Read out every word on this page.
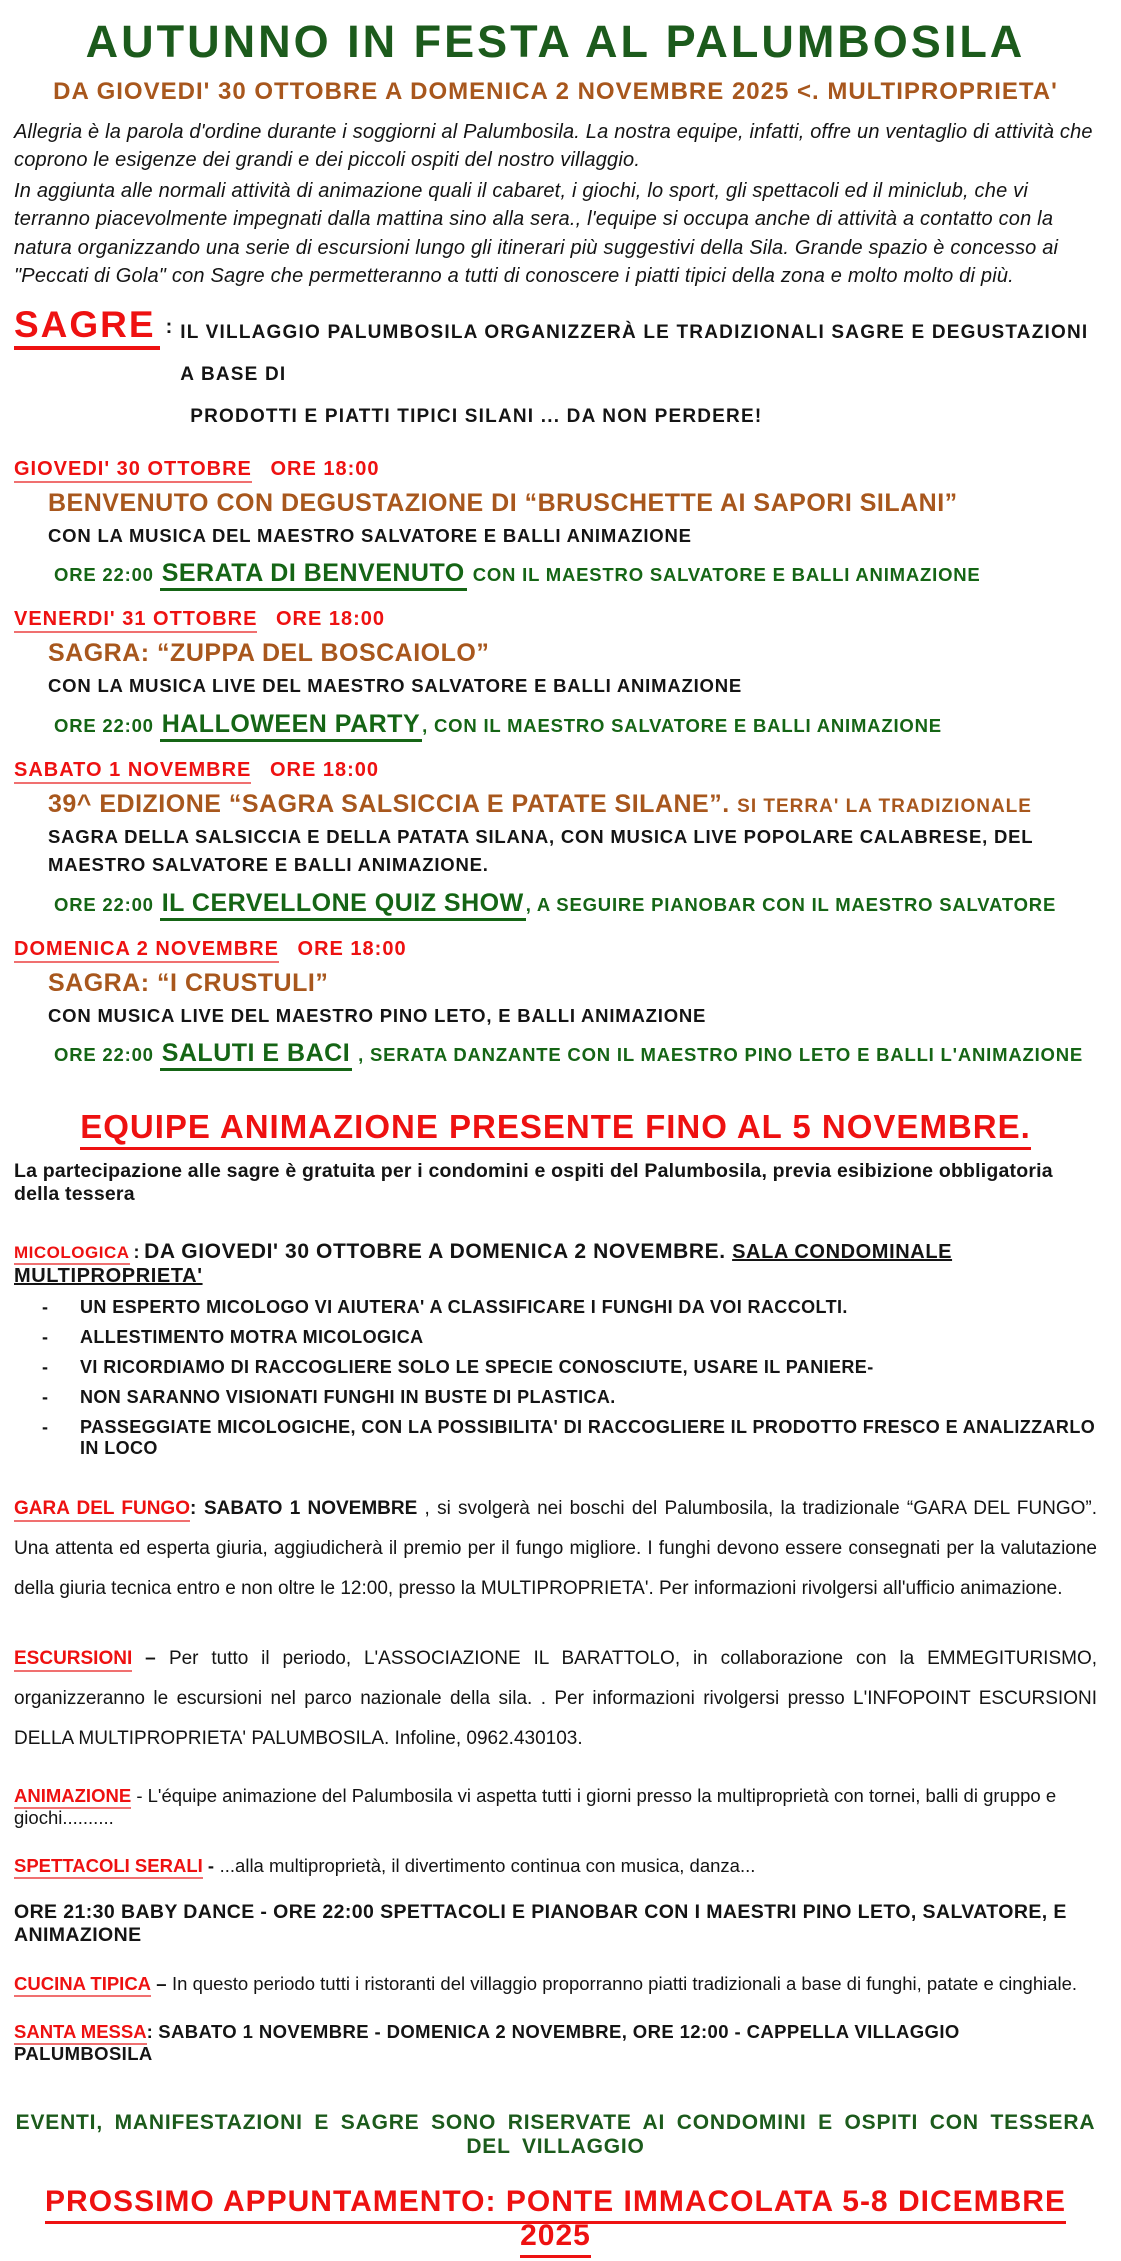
AUTUNNO IN FESTA AL PALUMBOSILA
DA GIOVEDI' 30 OTTOBRE A DOMENICA 2 NOVEMBRE 2025 <. MULTIPROPRIETA'

Allegria è la parola d'ordine durante i soggiorni al Palumbosila. La nostra equipe, infatti, offre un ventaglio di attività che coprono le esigenze dei grandi e dei piccoli ospiti del nostro villaggio.

In aggiunta alle normali attività di animazione quali il cabaret, i giochi, lo sport, gli spettacoli ed il miniclub, che vi terranno piacevolmente impegnati dalla mattina sino alla sera., l'equipe si occupa anche di attività a contatto con la natura organizzando una serie di escursioni lungo gli itinerari più suggestivi della Sila. Grande spazio è concesso ai "Peccati di Gola" con Sagre che permetteranno a tutti di conoscere i piatti tipici della zona e molto molto di più.

SAGRE : IL VILLAGGIO PALUMBOSILA ORGANIZZERÀ LE TRADIZIONALI SAGRE E DEGUSTAZIONI A BASE DI
PRODOTTI E PIATTI TIPICI SILANI ... DA NON PERDERE!
GIOVEDI' 30 OTTOBRE ORE 18:00
BENVENUTO CON DEGUSTAZIONE DI “BRUSCHETTE AI SAPORI SILANI”
CON LA MUSICA DEL MAESTRO SALVATORE E BALLI ANIMAZIONE
ORE 22:00 SERATA DI BENVENUTO CON IL MAESTRO SALVATORE E BALLI ANIMAZIONE
VENERDI' 31 OTTOBRE ORE 18:00
SAGRA: “ZUPPA DEL BOSCAIOLO”
CON LA MUSICA LIVE DEL MAESTRO SALVATORE E BALLI ANIMAZIONE
ORE 22:00 HALLOWEEN PARTY , CON IL MAESTRO SALVATORE E BALLI ANIMAZIONE
SABATO 1 NOVEMBRE ORE 18:00
39^ EDIZIONE “SAGRA SALSICCIA E PATATE SILANE”. SI TERRA' LA TRADIZIONALE
SAGRA DELLA SALSICCIA E DELLA PATATA SILANA, CON MUSICA LIVE POPOLARE CALABRESE, DEL MAESTRO SALVATORE E BALLI ANIMAZIONE.
ORE 22:00 IL CERVELLONE QUIZ SHOW , A SEGUIRE PIANOBAR CON IL MAESTRO SALVATORE
DOMENICA 2 NOVEMBRE ORE 18:00
SAGRA: “I CRUSTULI”
CON MUSICA LIVE DEL MAESTRO PINO LETO, E BALLI ANIMAZIONE
ORE 22:00 SALUTI E BACI , SERATA DANZANTE CON IL MAESTRO PINO LETO E BALLI L'ANIMAZIONE
EQUIPE ANIMAZIONE PRESENTE FINO AL 5 NOVEMBRE.
La partecipazione alle sagre è gratuita per i condomini e ospiti del Palumbosila, previa esibizione obbligatoria della tessera
MICOLOGICA : DA GIOVEDI' 30 OTTOBRE A DOMENICA 2 NOVEMBRE. SALA CONDOMINALE MULTIPROPRIETA'
- UN ESPERTO MICOLOGO VI AIUTERA' A CLASSIFICARE I FUNGHI DA VOI RACCOLTI.
- ALLESTIMENTO MOTRA MICOLOGICA
- VI RICORDIAMO DI RACCOGLIERE SOLO LE SPECIE CONOSCIUTE, USARE IL PANIERE-
- NON SARANNO VISIONATI FUNGHI IN BUSTE DI PLASTICA.
- PASSEGGIATE MICOLOGICHE, CON LA POSSIBILITA' DI RACCOGLIERE IL PRODOTTO FRESCO E ANALIZZARLO IN LOCO

GARA DEL FUNGO: SABATO 1 NOVEMBRE , si svolgerà nei boschi del Palumbosila, la tradizionale “GARA DEL FUNGO”. Una attenta ed esperta giuria, aggiudicherà il premio per il fungo migliore. I funghi devono essere consegnati per la valutazione della giuria tecnica entro e non oltre le 12:00, presso la MULTIPROPRIETA'. Per informazioni rivolgersi all'ufficio animazione.

ESCURSIONI – Per tutto il periodo, L'ASSOCIAZIONE IL BARATTOLO, in collaborazione con la EMMEGITURISMO, organizzeranno le escursioni nel parco nazionale della sila. . Per informazioni rivolgersi presso L'INFOPOINT ESCURSIONI DELLA MULTIPROPRIETA' PALUMBOSILA. Infoline, 0962.430103.

ANIMAZIONE - L'équipe animazione del Palumbosila vi aspetta tutti i giorni presso la multiproprietà con tornei, balli di gruppo e giochi..........

SPETTACOLI SERALI - ...alla multiproprietà, il divertimento continua con musica, danza...

ORE 21:30 BABY DANCE - ORE 22:00 SPETTACOLI E PIANOBAR CON I MAESTRI PINO LETO, SALVATORE, E ANIMAZIONE

CUCINA TIPICA – In questo periodo tutti i ristoranti del villaggio proporranno piatti tradizionali a base di funghi, patate e cinghiale.

SANTA MESSA: SABATO 1 NOVEMBRE - DOMENICA 2 NOVEMBRE, ORE 12:00 - CAPPELLA VILLAGGIO PALUMBOSILA

EVENTI, MANIFESTAZIONI E SAGRE SONO RISERVATE AI CONDOMINI E OSPITI CON TESSERA DEL VILLAGGIO
PROSSIMO APPUNTAMENTO: PONTE IMMACOLATA 5-8 DICEMBRE 2025
